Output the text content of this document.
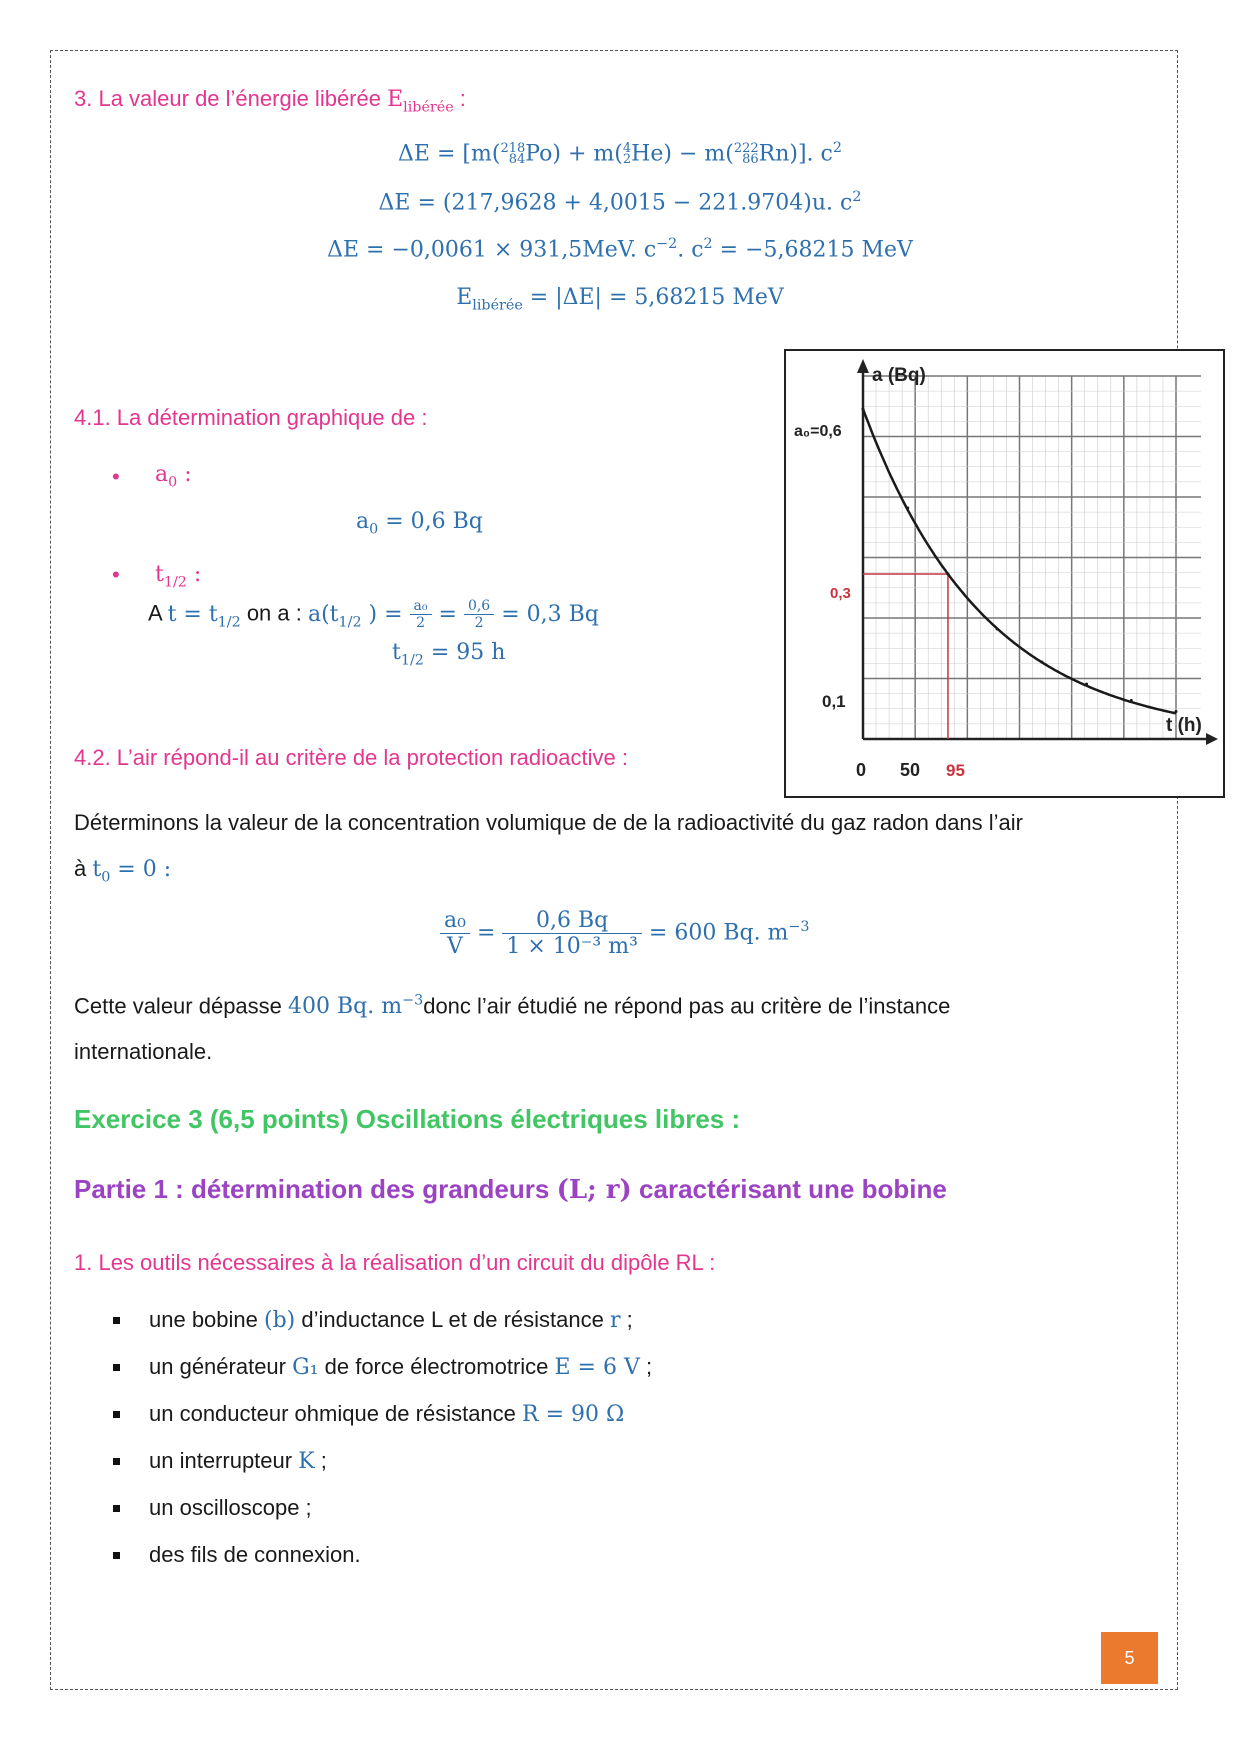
3. La valeur de l’énergie libérée $E_{libérée}$ :
ΔE = [m(218
84Po) + m(4
2He) − m(222
86Rn)]. $c^2$
ΔE = (217,9628 + 4,0015 − 221.9704)u. $c^2$
ΔE = −0,0061 × 931,5MeV. $c^{-2}$. $c^2 = -5,68215$ MeV
$E_{libérée} = |\Delta E| = 5,68215$ MeV
4.1. La détermination graphique de :
• $a_0$ :
$a_0 = 0,6$ Bq
• $t_{1/2}$ :
A $t = t_{1/2}$ on a : $a(t_{1/2}$ ) = $\frac{\text{a₀}}{2} = \frac{0,6}{2} = 0,3$ Bq
$t_{1/2} = 95$ h
a (Bq)
t (h)
a₀=0,6
0,3
0,1
0 50 95
4.2. L’air répond-il au critère de la protection radioactive :
Déterminons la valeur de la concentration volumique de de la radioactivité du gaz radon dans l’air
à $t_0 = 0$ :
$\frac{\text{a₀}}{V} = \frac{0,6 Bq}{\text{1 × 10⁻³ m³}} = 600$ Bq. $m^{-3}$
Cette valeur dépasse 400 Bq. $m^{-3}donc$ l’air étudié ne répond pas au critère de l’instance
internationale.
Exercice 3 (6,5 points) Oscillations électriques libres :
Partie 1 : détermination des grandeurs (L; r) caractérisant une bobine
1. Les outils nécessaires à la réalisation d’un circuit du dipôle RL :
une bobine (b) d’inductance L et de résistance r ;
un générateur G₁ de force électromotrice E = 6 V ;
un conducteur ohmique de résistance R = 90 Ω
un interrupteur K ;
un oscilloscope ;
des fils de connexion.
5
